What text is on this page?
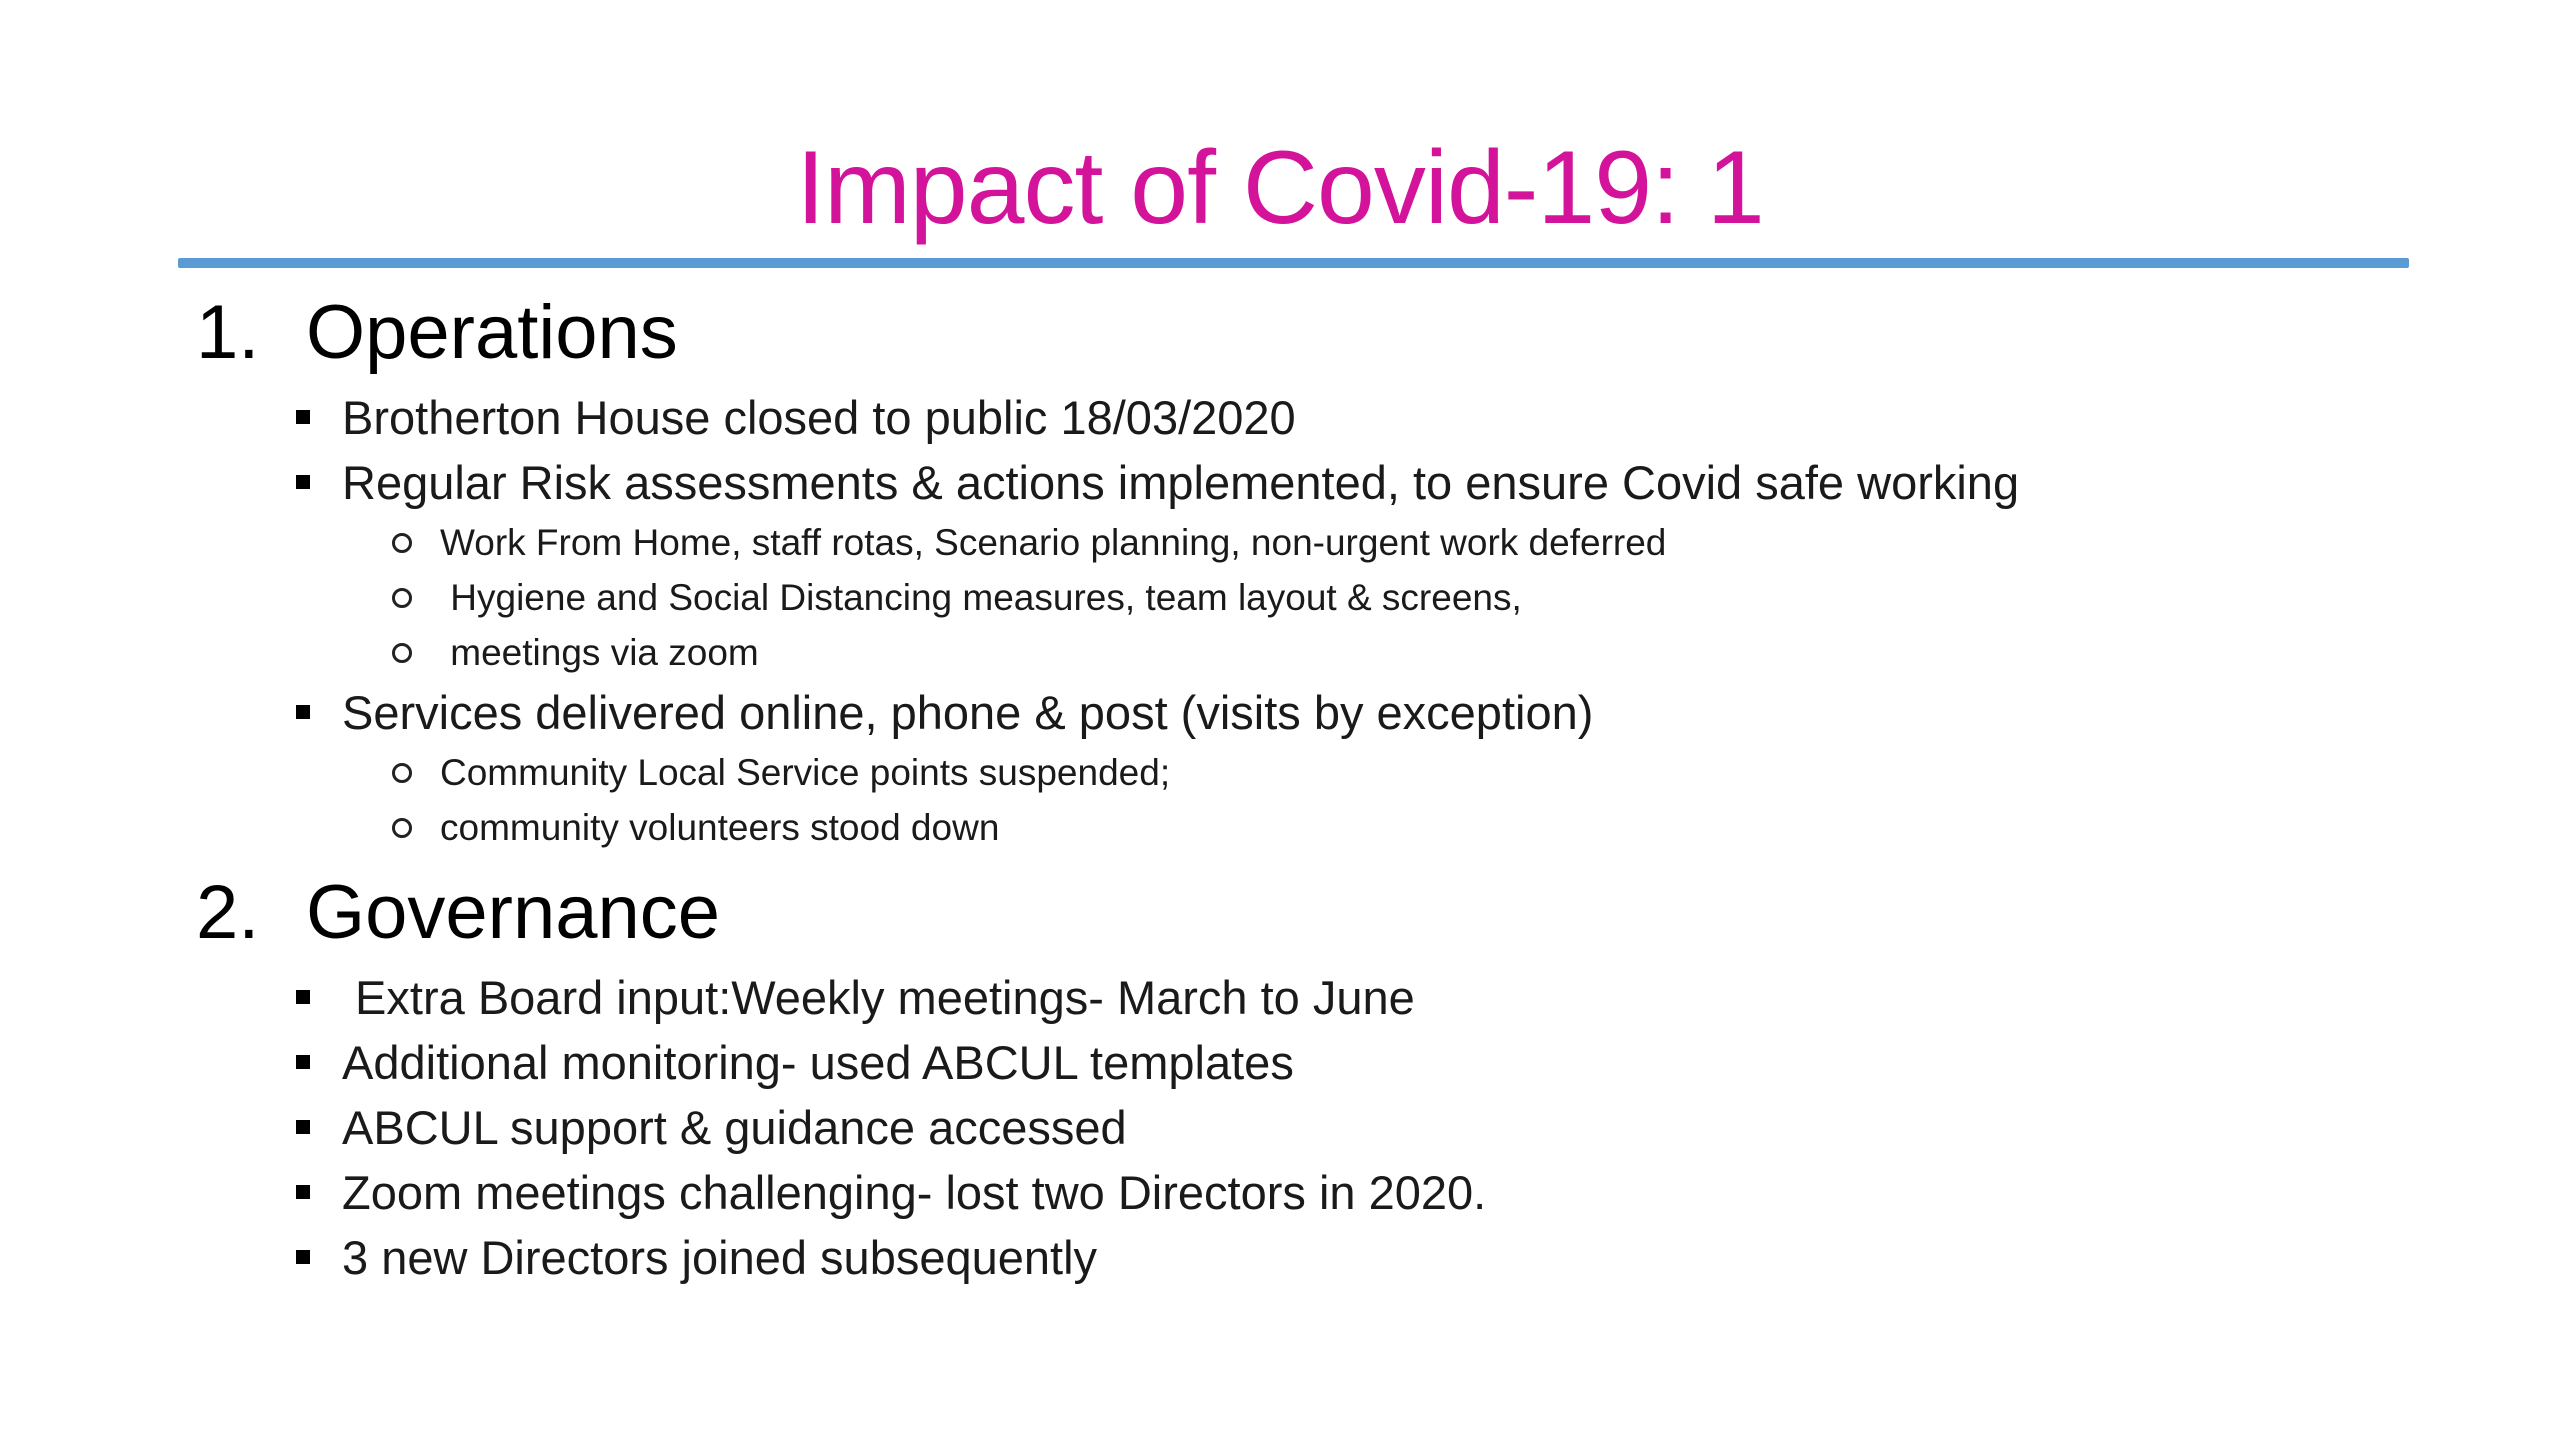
Impact of Covid-19: 1
1. Operations
Brotherton House closed to public 18/03/2020
Regular Risk assessments & actions implemented, to ensure Covid safe working
Work From Home, staff rotas, Scenario planning, non-urgent work deferred
Hygiene and Social Distancing measures, team layout & screens,
meetings via zoom
Services delivered online, phone & post (visits by exception)
Community Local Service points suspended;
community volunteers stood down
2. Governance
Extra Board input:Weekly meetings- March to June
Additional monitoring- used ABCUL templates
ABCUL support & guidance accessed
Zoom meetings challenging- lost two Directors in 2020.
3 new Directors joined subsequently
